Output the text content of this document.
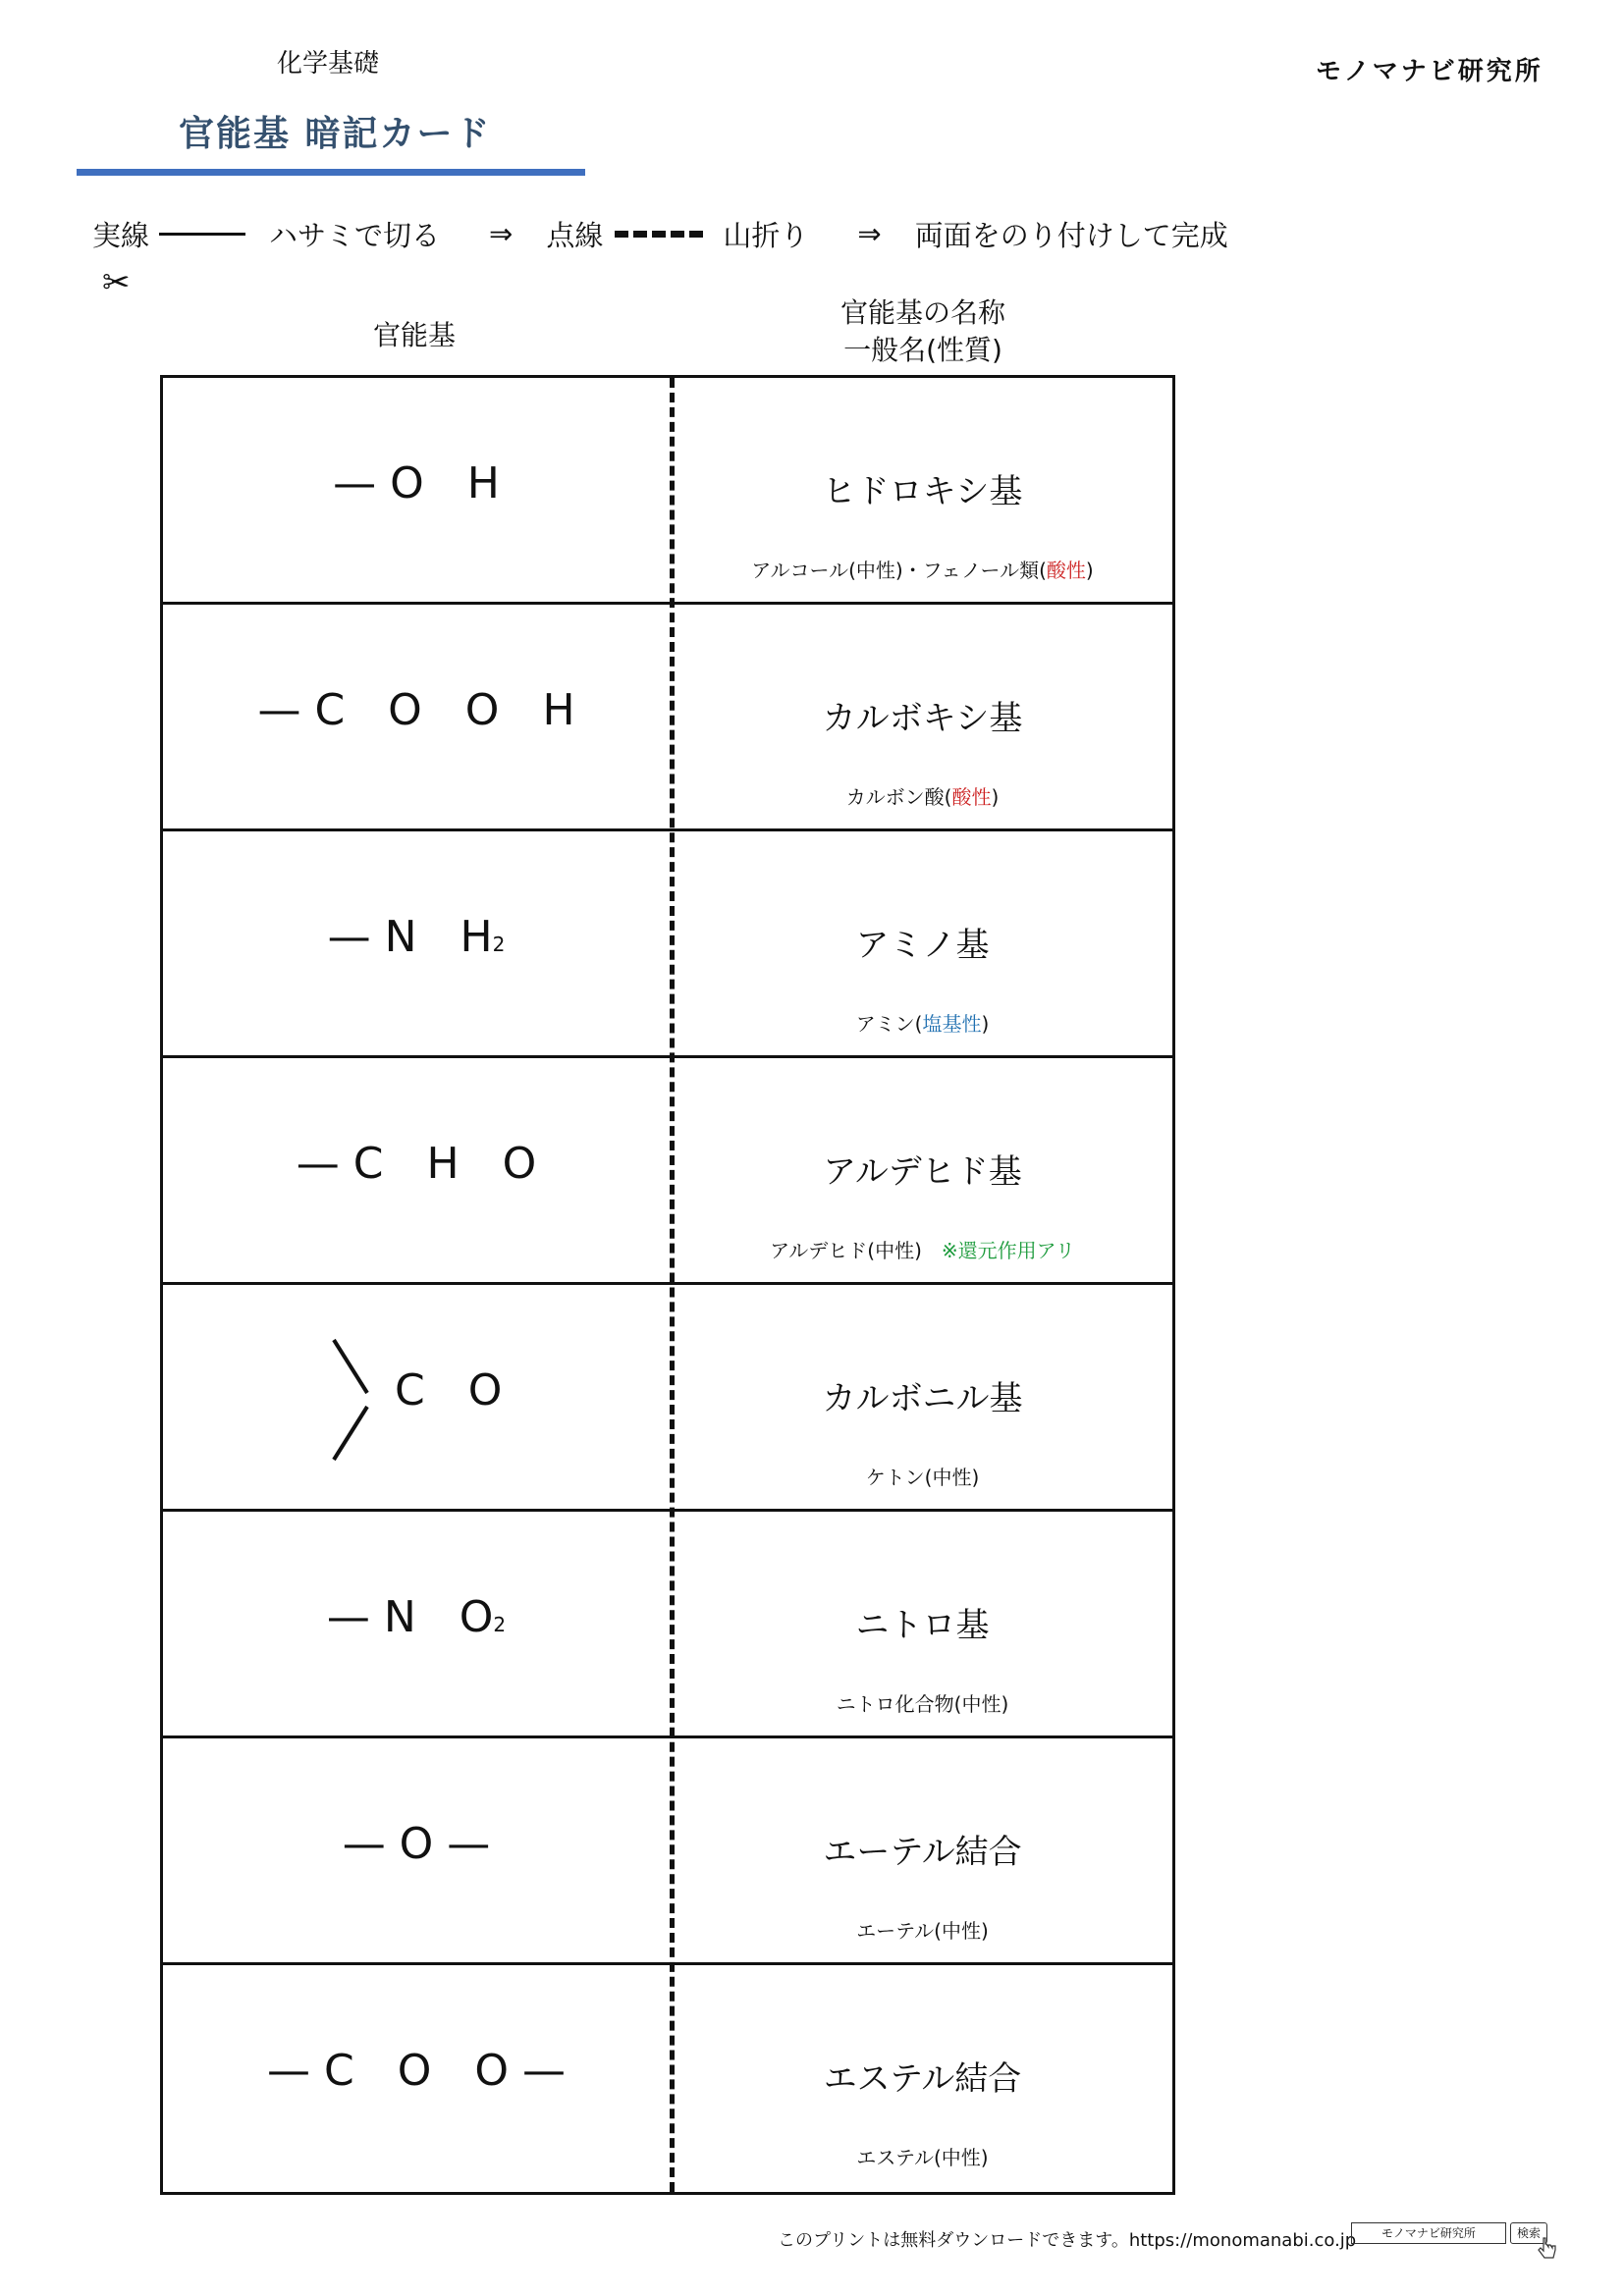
化学基礎	モノマナビ研究所
官能基 暗記カード
実線	ハサミで切る ⇒ 点線	山折り ⇒ 両面をのり付けして完成
✂
官能基
官能基の名称
一般名(性質)
— O　H	ヒドロキシ基
アルコール(中性)・フェノール類(酸性)
— C　O　O　H	カルボキシ基
カルボン酸(酸性)
— N　H2	アミノ基
アミン(塩基性)
— C　H　O	アルデヒド基
アルデヒド(中性)　※還元作用アリ
C　O	カルボニル基
ケトン(中性)
— N　O2	ニトロ基
ニトロ化合物(中性)
— O —	エーテル結合
エーテル(中性)
— C　O　O —	エステル結合
エステル(中性)
このプリントは無料ダウンロードできます。https://monomanabi.co.jp	モノマナビ研究所	検索
